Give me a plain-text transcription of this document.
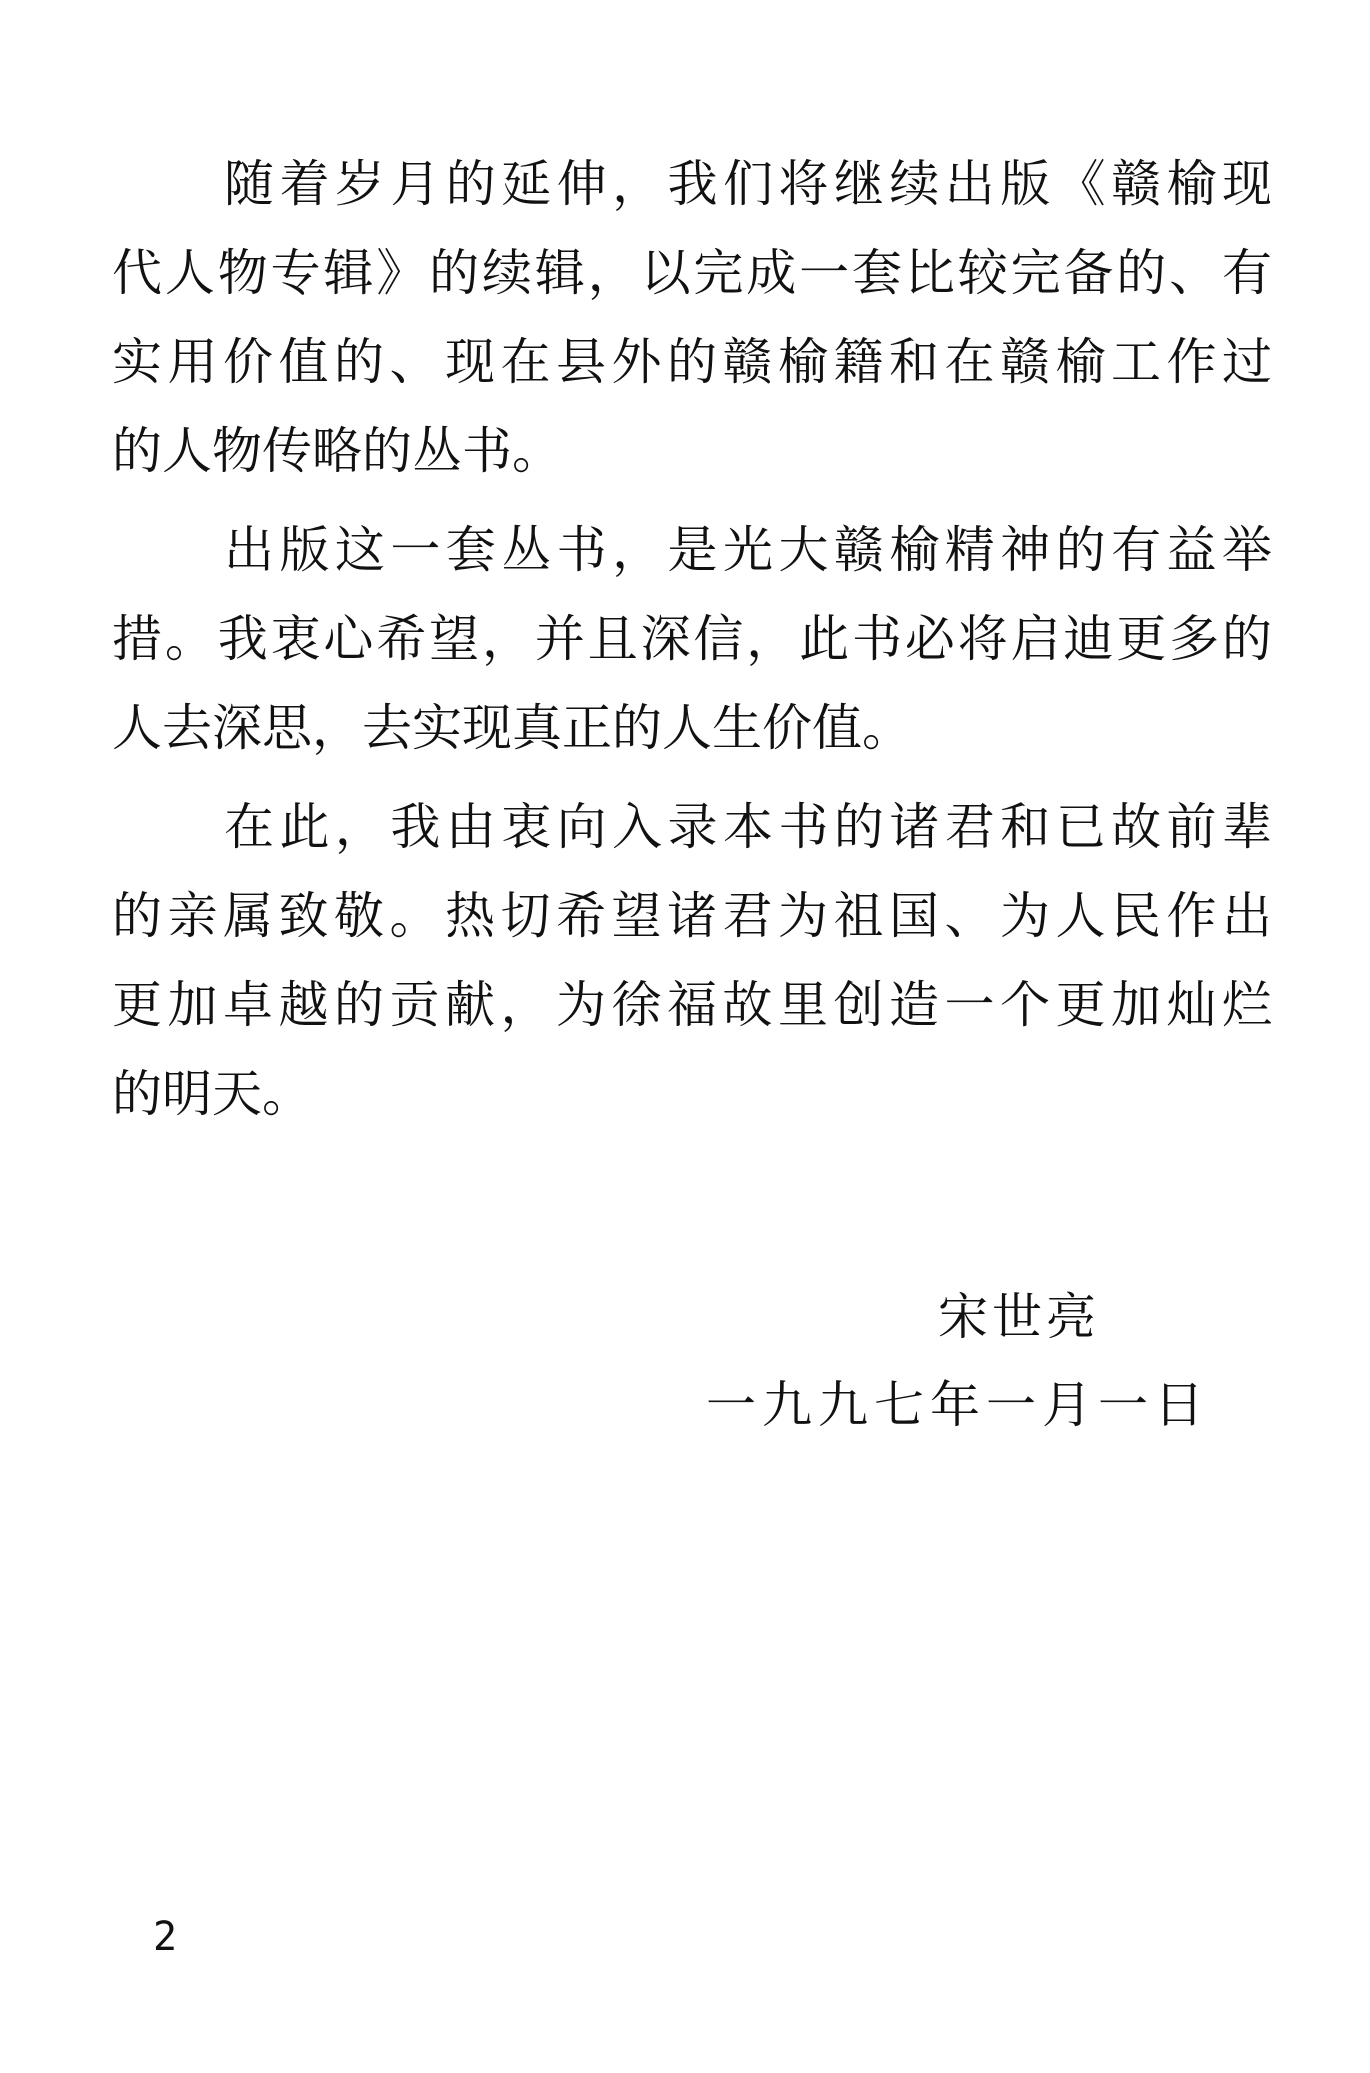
随着岁月的延伸，我们将继续出版《赣榆现
代人物专辑》的续辑，以完成一套比较完备的、有
实用价值的、现在县外的赣榆籍和在赣榆工作过
的人物传略的丛书。
出版这一套丛书，是光大赣榆精神的有益举
措。我衷心希望，并且深信，此书必将启迪更多的
人去深思，去实现真正的人生价值。
在此，我由衷向入录本书的诸君和已故前辈
的亲属致敬。热切希望诸君为祖国、为人民作出
更加卓越的贡献，为徐福故里创造一个更加灿烂
的明天。
宋世亮
一九九七年一月一日
2
